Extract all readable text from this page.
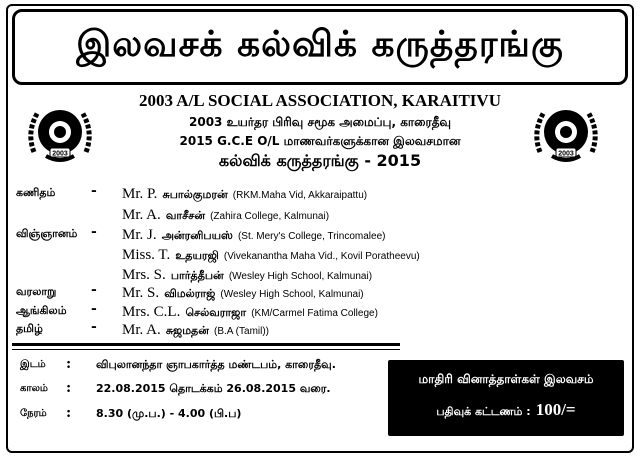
இலவசக் கல்விக் கருத்தரங்கு
2003	2003
2003 A/L SOCIAL ASSOCIATION, KARAITIVU
2003 உயர்தர பிரிவு சமூக அமைப்பு, காரைதீவு
2015 G.C.E O/L மாணவர்களுக்கான இலவசமான
கல்விக் கருத்தரங்கு - 2015
கணிதம்	- Mr. P. சுபால்குமரன் (RKM.Maha Vid, Akkaraipattu)
Mr. A. வாசீசன் (Zahira College, Kalmunai)
விஞ்ஞானம் - Mr. J. அன்ரனிபயஸ் (St. Mery's College, Trincomalee)
Miss. T. உதயரஜி (Vivekanantha Maha Vid., Kovil Poratheevu)
Mrs. S. பார்த்தீபன் (Wesley High School, Kalmunai)
வரலாறு - Mr. S. விமல்ராஜ் (Wesley High School, Kalmunai)
ஆங்கிலம் - Mrs. C.L. செல்வராஜா (KM/Carmel Fatima College)
தமிழ்	- Mr. A. சுஜமதன் (B.A (Tamil))
இடம் : விபுலானந்தா ஞாபகார்த்த மண்டபம், காரைதீவு.
காலம் : 22.08.2015 தொடக்கம் 26.08.2015 வரை.
நேரம் : 8.30 (மு.ப.) - 4.00 (பி.ப)
மாதிரி வினாத்தாள்கள் இலவசம்
பதிவுக் கட்டணம் : 100/=
